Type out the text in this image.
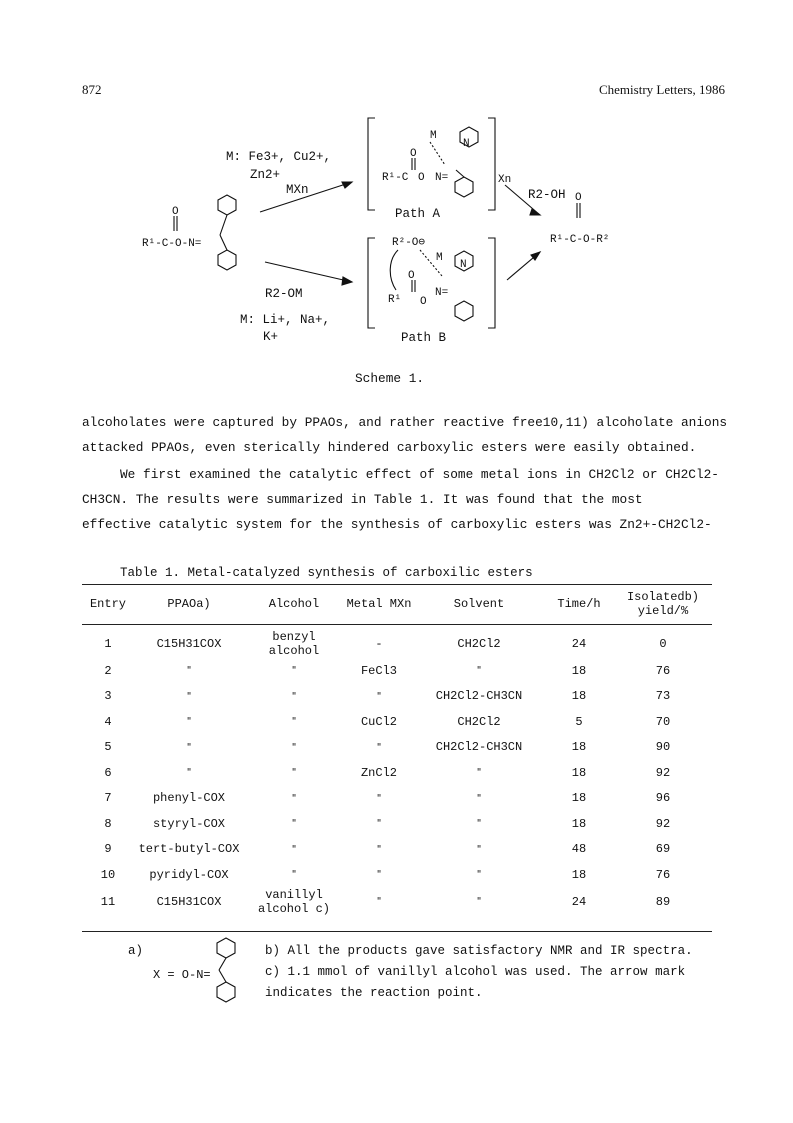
872	Chemistry Letters, 1986
R¹-C-O-N=
O
R¹-C O N=
O
M
N
R²-O⊖
M
N
R¹ O
N=
O
Xn
R¹-C-O-R²
O
M: Fe3+, Cu2+,
Zn2+
MXn
Path A
R2-OH
R2-OM
M: Li+, Na+,
K+	Path B
Scheme 1.
alcoholates were captured by PPAOs, and rather reactive free10,11) alcoholate anions
attacked PPAOs, even sterically hindered carboxylic esters were easily obtained.
We first examined the catalytic effect of some metal ions in CH2Cl2 or CH2Cl2-
CH3CN. The results were summarized in Table 1. It was found that the most
effective catalytic system for the synthesis of carboxylic esters was Zn2+-CH2Cl2-
Table 1. Metal-catalyzed synthesis of carboxilic esters
Entry	PPAOa)	Alcohol	Metal MXn	Solvent	Time/h	Isolatedb) yield/%
1	C15H31COX	benzyl alcohol	-	CH2Cl2	24	0
2	"	"	FeCl3	"	18	76
3	"	"	"	CH2Cl2-CH3CN	18	73
4	"	"	CuCl2	CH2Cl2	5	70
5	"	"	"	CH2Cl2-CH3CN	18	90
6	"	"	ZnCl2	"	18	92
7	phenyl-COX	"	"	"	18	96
8	styryl-COX	"	"	"	18	92
9	tert-butyl-COX	"	"	"	48	69
10	pyridyl-COX	"	"	"	18	76
11	C15H31COX	vanillyl alcohol c)	"	"	24	89
a)
X = O-N=
b) All the products gave satisfactory NMR and IR spectra.
c) 1.1 mmol of vanillyl alcohol was used. The arrow mark
indicates the reaction point.
